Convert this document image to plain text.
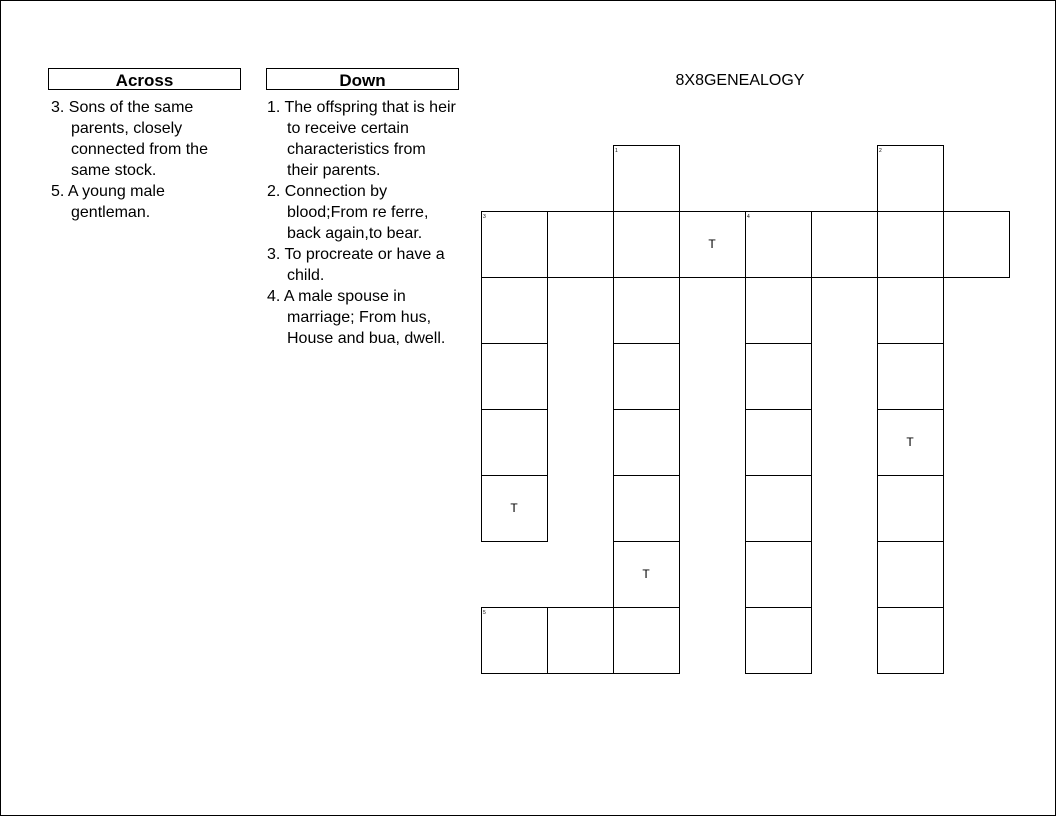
Across	Down
3. Sons of the same parents, closely connected from the same stock.
5. A young male gentleman.
1. The offspring that is heir to receive certain characteristics from their parents.
2. Connection by blood;From re ferre, back again,to bear.
3. To procreate or have a child.
4. A male spouse in marriage; From hus, House and bua, dwell.
8X8GENEALOGY
1	2
3
T
4
T
T
T
5
